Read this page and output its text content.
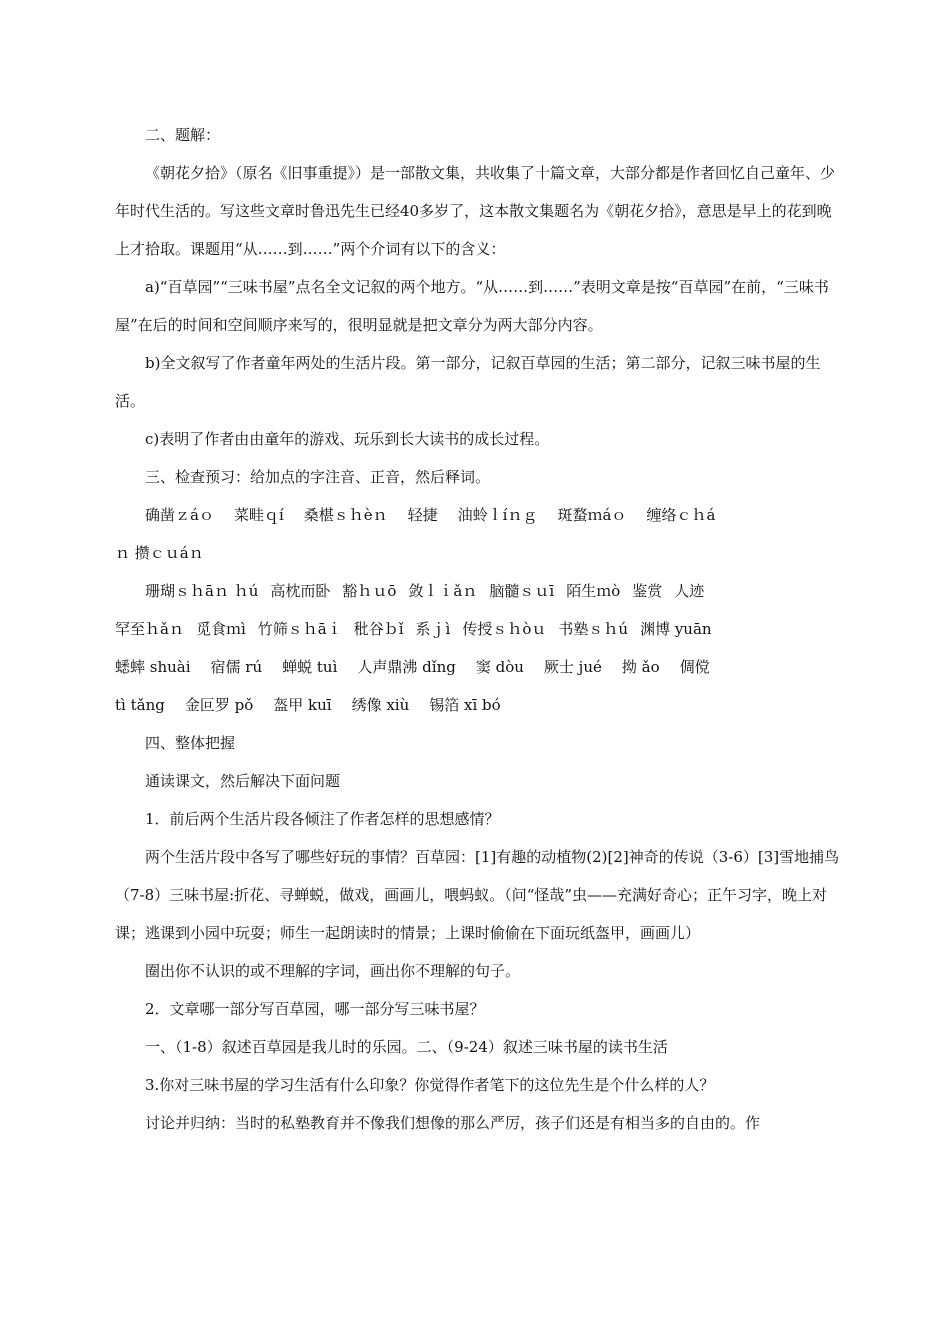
二、题解：

《朝花夕拾》（原名《旧事重提》）是一部散文集，共收集了十篇文章，大部分都是作者回忆自己童年、少年时代生活的。写这些文章时鲁迅先生已经40多岁了，这本散文集题名为《朝花夕拾》，意思是早上的花到晚上才拾取。课题用“从……到……”两个介词有以下的含义：

a)“百草园”“三味书屋”点名全文记叙的两个地方。“从……到……”表明文章是按“百草园”在前，“三味书屋”在后的时间和空间顺序来写的，很明显就是把文章分为两大部分内容。

b)全文叙写了作者童年两处的生活片段。第一部分，记叙百草园的生活；第二部分，记叙三味书屋的生活。

c)表明了作者由由童年的游戏、玩乐到长大读书的成长过程。

三、检查预习：给加点的字注音、正音，然后释词。

确凿ｚáｏ 菜畦ｑí 桑椹ｓｈèｎ 轻捷 油蛉ｌíｎｇ 斑蝥ｍáｏ 缠络ｃｈá
ｎ 攒ｃｕáｎ
珊瑚ｓｈāｎ ｈú 高枕而卧 豁ｈｕō 敛ｌｉǎｎ 脑髓ｓｕī 陌生ｍò 鉴赏 人迹
罕至ｈǎｎ 觅食ｍì 竹筛ｓｈāｉ 秕谷ｂǐ 系ｊì 传授ｓｈòｕ 书塾ｓｈú 渊博 yuān
蟋蟀 shuài 宿儒 rú 蝉蜕 tuì 人声鼎沸 dǐng 窦 dòu 厥士 jué 拗 ǎo 倜傥
tì tǎng 金叵罗 pǒ 盔甲 kuī 绣像 xiù 锡箔 xī bó

四、整体把握

通读课文，然后解决下面问题

1．前后两个生活片段各倾注了作者怎样的思想感情？

两个生活片段中各写了哪些好玩的事情？百草园：[1]有趣的动植物(2)[2]神奇的传说（3-6）[3]雪地捕鸟（7-8）三味书屋:折花、寻蝉蜕，做戏，画画儿，喂蚂蚁。（问“怪哉”虫——充满好奇心；正午习字，晚上对课；逃课到小园中玩耍；师生一起朗读时的情景；上课时偷偷在下面玩纸盔甲，画画儿）

圈出你不认识的或不理解的字词，画出你不理解的句子。

2．文章哪一部分写百草园，哪一部分写三味书屋？

一、（1-8）叙述百草园是我儿时的乐园。二、（9-24）叙述三味书屋的读书生活

3.你对三味书屋的学习生活有什么印象？你觉得作者笔下的这位先生是个什么样的人？

讨论并归纳：当时的私塾教育并不像我们想像的那么严厉，孩子们还是有相当多的自由的。作
